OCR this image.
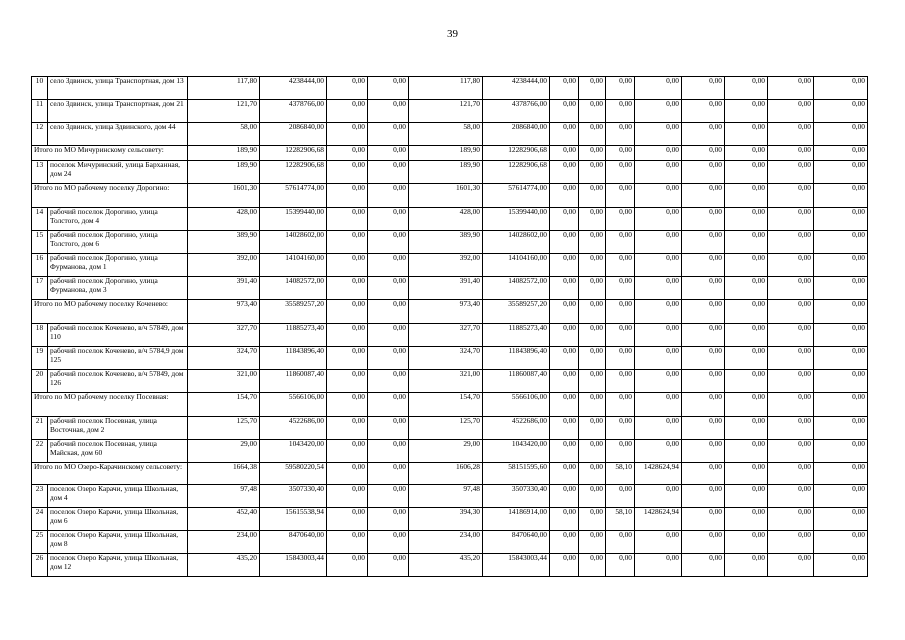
39
10	село Здвинск, улица Транспортная, дом 13	117,80	4238444,00	0,00	0,00	117,80	4238444,00	0,00	0,00	0,00	0,00	0,00	0,00	0,00	0,00
11	село Здвинск, улица Транспортная, дом 21	121,70	4378766,00	0,00	0,00	121,70	4378766,00	0,00	0,00	0,00	0,00	0,00	0,00	0,00	0,00
12	село Здвинск, улица Здвинского, дом 44	58,00	2086840,00	0,00	0,00	58,00	2086840,00	0,00	0,00	0,00	0,00	0,00	0,00	0,00	0,00
Итого по МО Мичуринскому сельсовету:		189,90	12282906,68	0,00	0,00	189,90	12282906,68	0,00	0,00	0,00	0,00	0,00	0,00	0,00	0,00
13	поселок Мичуринский, улица Барханная, дом 24	189,90	12282906,68	0,00	0,00	189,90	12282906,68	0,00	0,00	0,00	0,00	0,00	0,00	0,00	0,00
Итого по МО рабочему поселку Дорогино:		1601,30	57614774,00	0,00	0,00	1601,30	57614774,00	0,00	0,00	0,00	0,00	0,00	0,00	0,00	0,00
14	рабочий поселок Дорогино, улица Толстого, дом 4	428,00	15399440,00	0,00	0,00	428,00	15399440,00	0,00	0,00	0,00	0,00	0,00	0,00	0,00	0,00
15	рабочий поселок Дорогино, улица Толстого, дом 6	389,90	14028602,00	0,00	0,00	389,90	14028602,00	0,00	0,00	0,00	0,00	0,00	0,00	0,00	0,00
16	рабочий поселок Дорогино, улица Фурманова, дом 1	392,00	14104160,00	0,00	0,00	392,00	14104160,00	0,00	0,00	0,00	0,00	0,00	0,00	0,00	0,00
17	рабочий поселок Дорогино, улица Фурманова, дом 3	391,40	14082572,00	0,00	0,00	391,40	14082572,00	0,00	0,00	0,00	0,00	0,00	0,00	0,00	0,00
Итого по МО рабочему поселку Коченево:		973,40	35589257,20	0,00	0,00	973,40	35589257,20	0,00	0,00	0,00	0,00	0,00	0,00	0,00	0,00
18	рабочий поселок Коченево, в/ч 57849, дом 110	327,70	11885273,40	0,00	0,00	327,70	11885273,40	0,00	0,00	0,00	0,00	0,00	0,00	0,00	0,00
19	рабочий поселок Коченево, в/ч 5784,9 дом 125	324,70	11843896,40	0,00	0,00	324,70	11843896,40	0,00	0,00	0,00	0,00	0,00	0,00	0,00	0,00
20	рабочий поселок Коченево, в/ч 57849, дом 126	321,00	11860087,40	0,00	0,00	321,00	11860087,40	0,00	0,00	0,00	0,00	0,00	0,00	0,00	0,00
Итого по МО рабочему поселку Посевная:		154,70	5566106,00	0,00	0,00	154,70	5566106,00	0,00	0,00	0,00	0,00	0,00	0,00	0,00	0,00
21	рабочий поселок Посевная, улица Восточная, дом 2	125,70	4522686,00	0,00	0,00	125,70	4522686,00	0,00	0,00	0,00	0,00	0,00	0,00	0,00	0,00
22	рабочий поселок Посевная, улица Майская, дом 60	29,00	1043420,00	0,00	0,00	29,00	1043420,00	0,00	0,00	0,00	0,00	0,00	0,00	0,00	0,00
Итого по МО Озеро-Карачинскому сельсовету:		1664,38	59580220,54	0,00	0,00	1606,28	58151595,60	0,00	0,00	58,10	1428624,94	0,00	0,00	0,00	0,00
23	поселок Озеро Карачи, улица Школьная, дом 4	97,48	3507330,40	0,00	0,00	97,48	3507330,40	0,00	0,00	0,00	0,00	0,00	0,00	0,00	0,00
24	поселок Озеро Карачи, улица Школьная, дом 6	452,40	15615538,94	0,00	0,00	394,30	14186914,00	0,00	0,00	58,10	1428624,94	0,00	0,00	0,00	0,00
25	поселок Озеро Карачи, улица Школьная, дом 8	234,00	8470640,00	0,00	0,00	234,00	8470640,00	0,00	0,00	0,00	0,00	0,00	0,00	0,00	0,00
26	поселок Озеро Карачи, улица Школьная, дом 12	435,20	15843003,44	0,00	0,00	435,20	15843003,44	0,00	0,00	0,00	0,00	0,00	0,00	0,00	0,00
